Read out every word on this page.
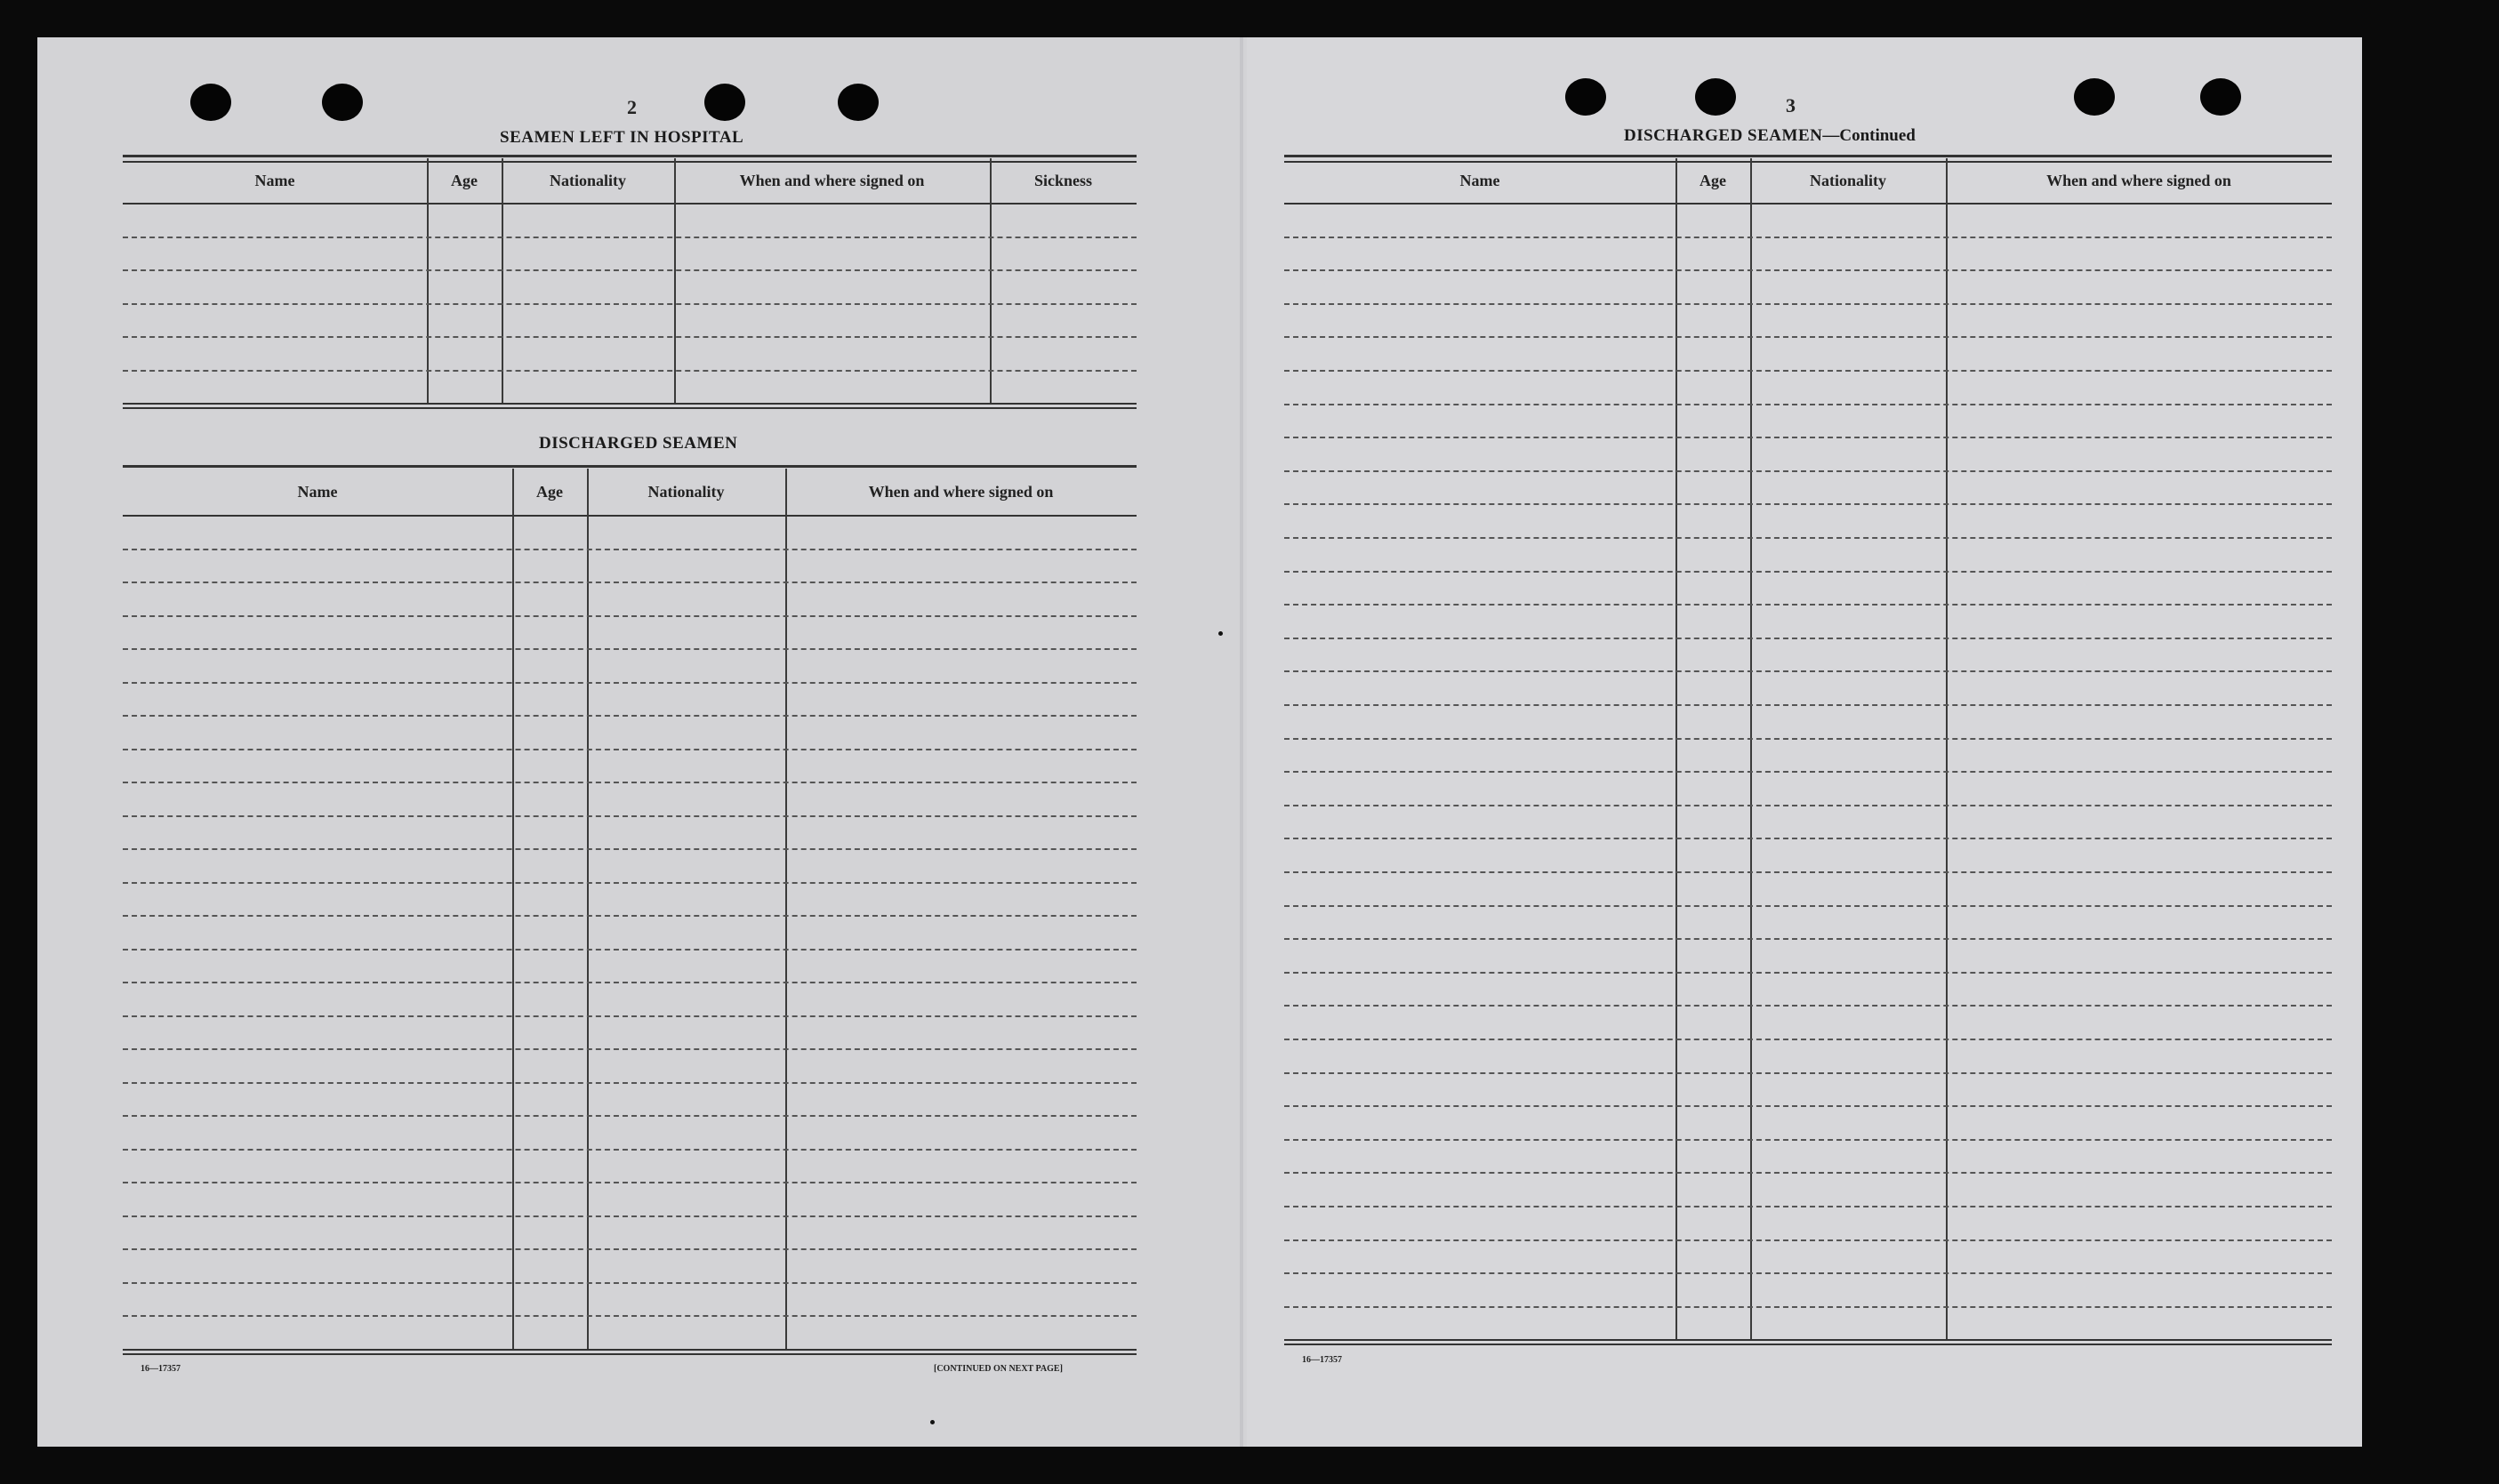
2
SEAMEN LEFT IN HOSPITAL
Name	Age	Nationality	When and where signed on	Sickness
DISCHARGED SEAMEN
Name	Age	Nationality	When and where signed on
16—17357	[CONTINUED ON NEXT PAGE]
3
DISCHARGED SEAMEN—Continued
Name	Age	Nationality	When and where signed on
16—17357
